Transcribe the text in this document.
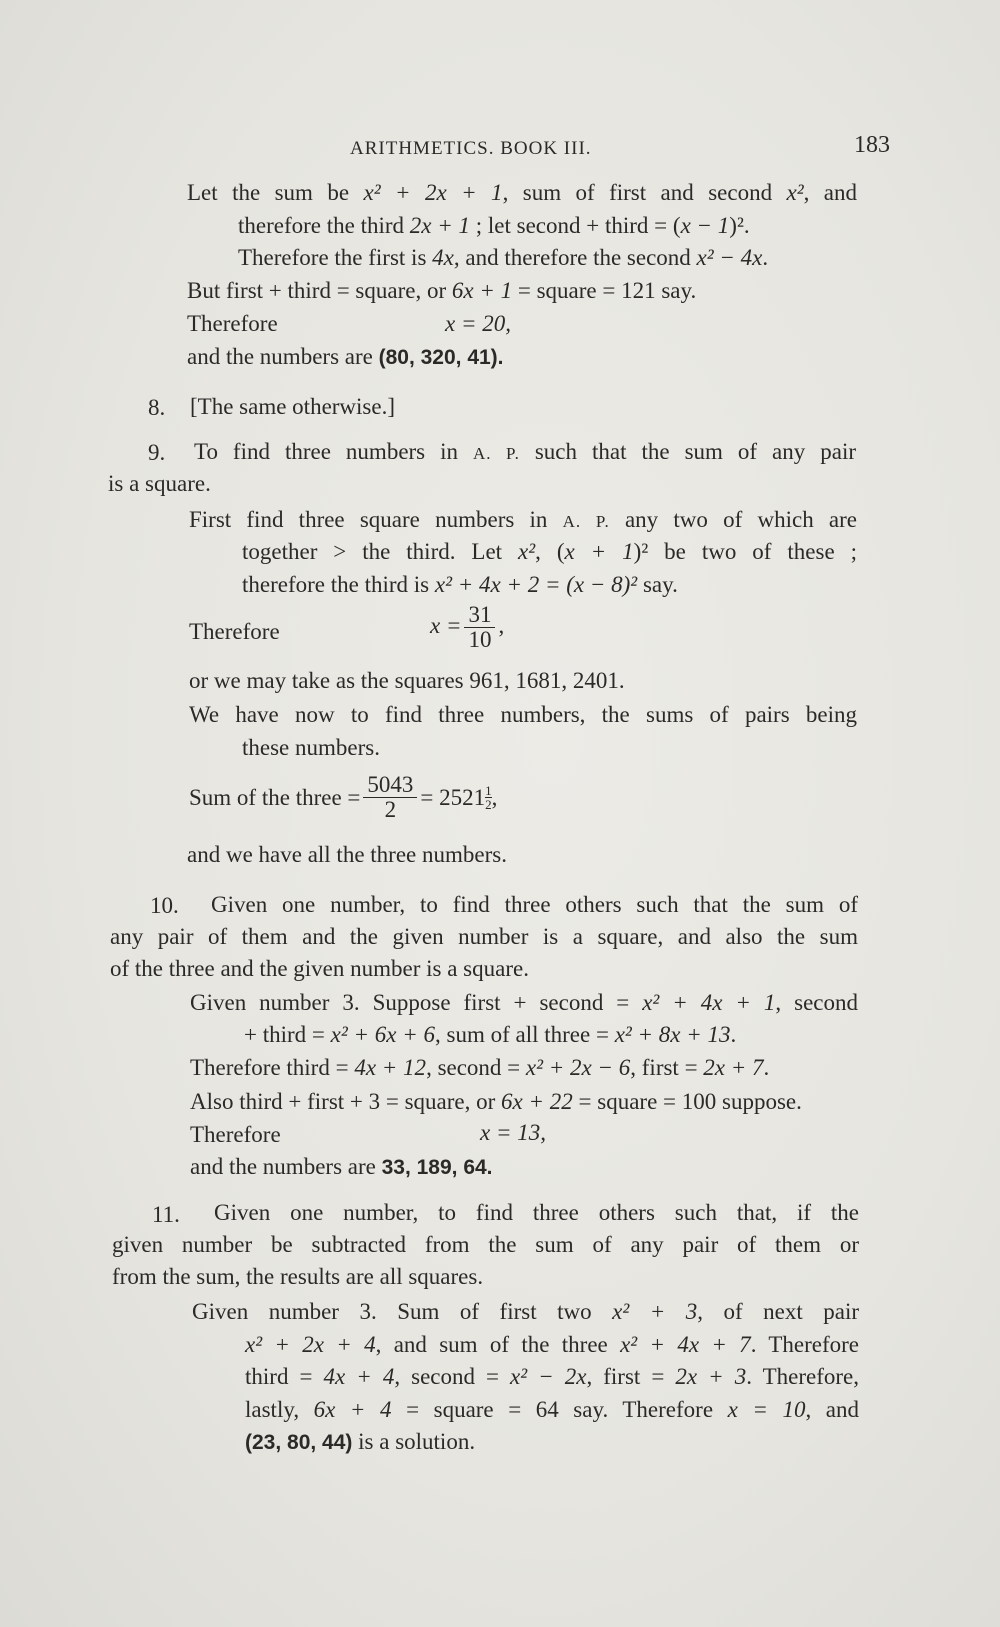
ARITHMETICS. BOOK III.	183
Let the sum be x² + 2x + 1, sum of first and second x², and
therefore the third 2x + 1 ; let second + third = (x − 1)².
Therefore the first is 4x, and therefore the second x² − 4x.
But first + third = square, or 6x + 1 = square = 121 say.
Therefore	x = 20,
and the numbers are (80, 320, 41).
8. [The same otherwise.]
9. To find three numbers in A. P. such that the sum of any pair
is a square.
First find three square numbers in A. P. any two of which are
together > the third. Let x², (x + 1)² be two of these ;
therefore the third is x² + 4x + 2 = (x − 8)² say.
Therefore	$x = \frac{31}{10}$ ,
or we may take as the squares 961, 1681, 2401.
We have now to find three numbers, the sums of pairs being
these numbers.
Sum of the three = $\frac{5043}{2} = 2521 \frac{1}{2}$ ,
and we have all the three numbers.
10. Given one number, to find three others such that the sum of
any pair of them and the given number is a square, and also the sum
of the three and the given number is a square.
Given number 3. Suppose first + second = x² + 4x + 1, second
+ third = x² + 6x + 6, sum of all three = x² + 8x + 13.
Therefore third = 4x + 12, second = x² + 2x − 6, first = 2x + 7.
Also third + first + 3 = square, or 6x + 22 = square = 100 suppose.
Therefore	x = 13,
and the numbers are 33, 189, 64.
11. Given one number, to find three others such that, if the
given number be subtracted from the sum of any pair of them or
from the sum, the results are all squares.
Given number 3. Sum of first two x² + 3, of next pair
x² + 2x + 4, and sum of the three x² + 4x + 7. Therefore
third = 4x + 4, second = x² − 2x, first = 2x + 3. Therefore,
lastly, 6x + 4 = square = 64 say. Therefore x = 10, and
(23, 80, 44) is a solution.
